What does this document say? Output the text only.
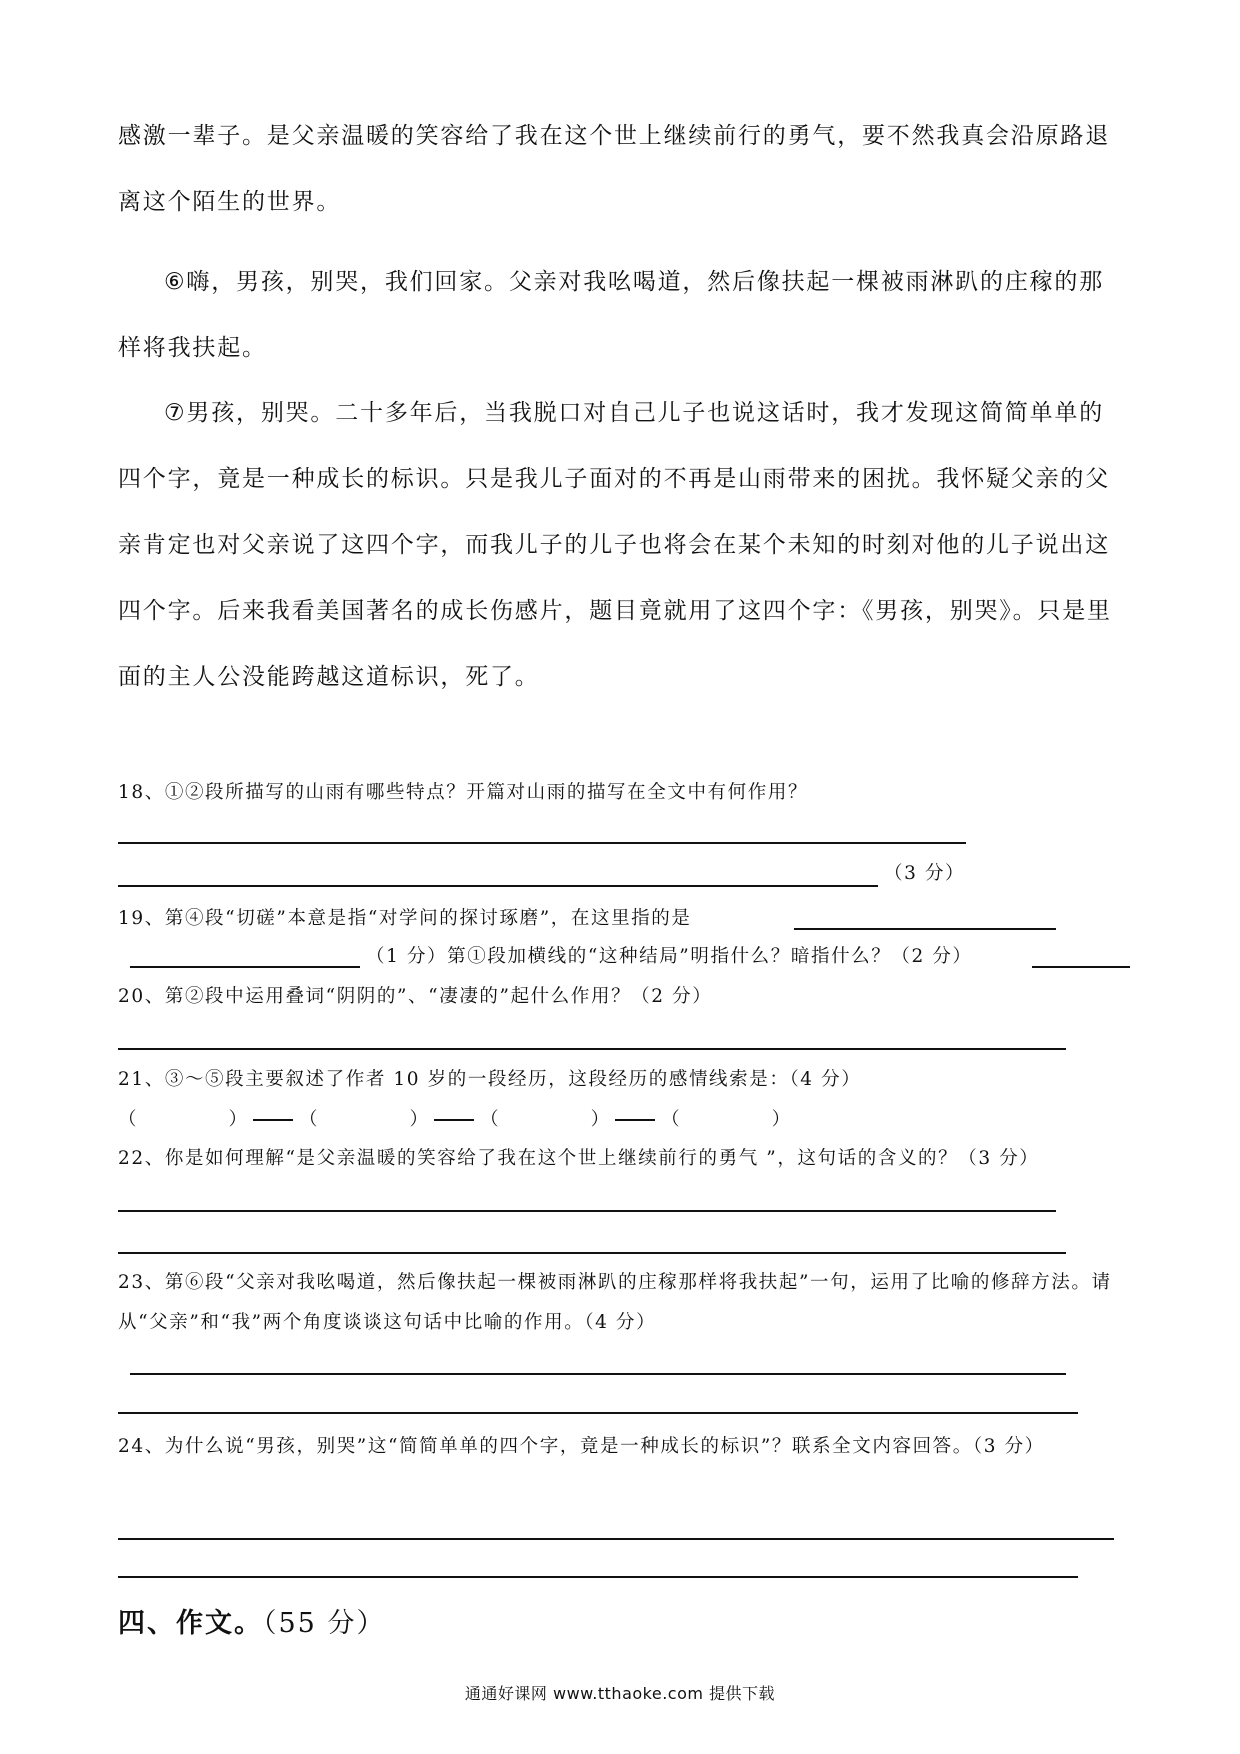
感激一辈子。是父亲温暖的笑容给了我在这个世上继续前行的勇气，要不然我真会沿原路退离这个陌生的世界。

⑥嗨，男孩，别哭，我们回家。父亲对我吆喝道，然后像扶起一棵被雨淋趴的庄稼的那样将我扶起。

⑦男孩，别哭。二十多年后，当我脱口对自己儿子也说这话时，我才发现这简简单单的四个字，竟是一种成长的标识。只是我儿子面对的不再是山雨带来的困扰。我怀疑父亲的父亲肯定也对父亲说了这四个字，而我儿子的儿子也将会在某个未知的时刻对他的儿子说出这四个字。后来我看美国著名的成长伤感片，题目竟就用了这四个字：《男孩，别哭》。只是里面的主人公没能跨越这道标识，死了。

18、①②段所描写的山雨有哪些特点？开篇对山雨的描写在全文中有何作用？

（3 分）

19、第④段“切磋”本意是指“对学问的探讨琢磨”，在这里指的是

（1 分）第①段加横线的“这种结局”明指什么？暗指什么？（2 分）

20、第②段中运用叠词“阴阴的”、“凄凄的”起什么作用？（2 分）

21、③～⑤段主要叙述了作者 10 岁的一段经历，这段经历的感情线索是：（4 分）

（	）	（	）	（	）	（	）

22、你是如何理解“是父亲温暖的笑容给了我在这个世上继续前行的勇气 ”，这句话的含义的？（3 分）

23、第⑥段“父亲对我吆喝道，然后像扶起一棵被雨淋趴的庄稼那样将我扶起”一句，运用了比喻的修辞方法。请从“父亲”和“我”两个角度谈谈这句话中比喻的作用。（4 分）

24、为什么说“男孩，别哭”这“简简单单的四个字，竟是一种成长的标识”？联系全文内容回答。（3 分）

四、作文。（55 分）

通通好课网 www.tthaoke.com 提供下载
